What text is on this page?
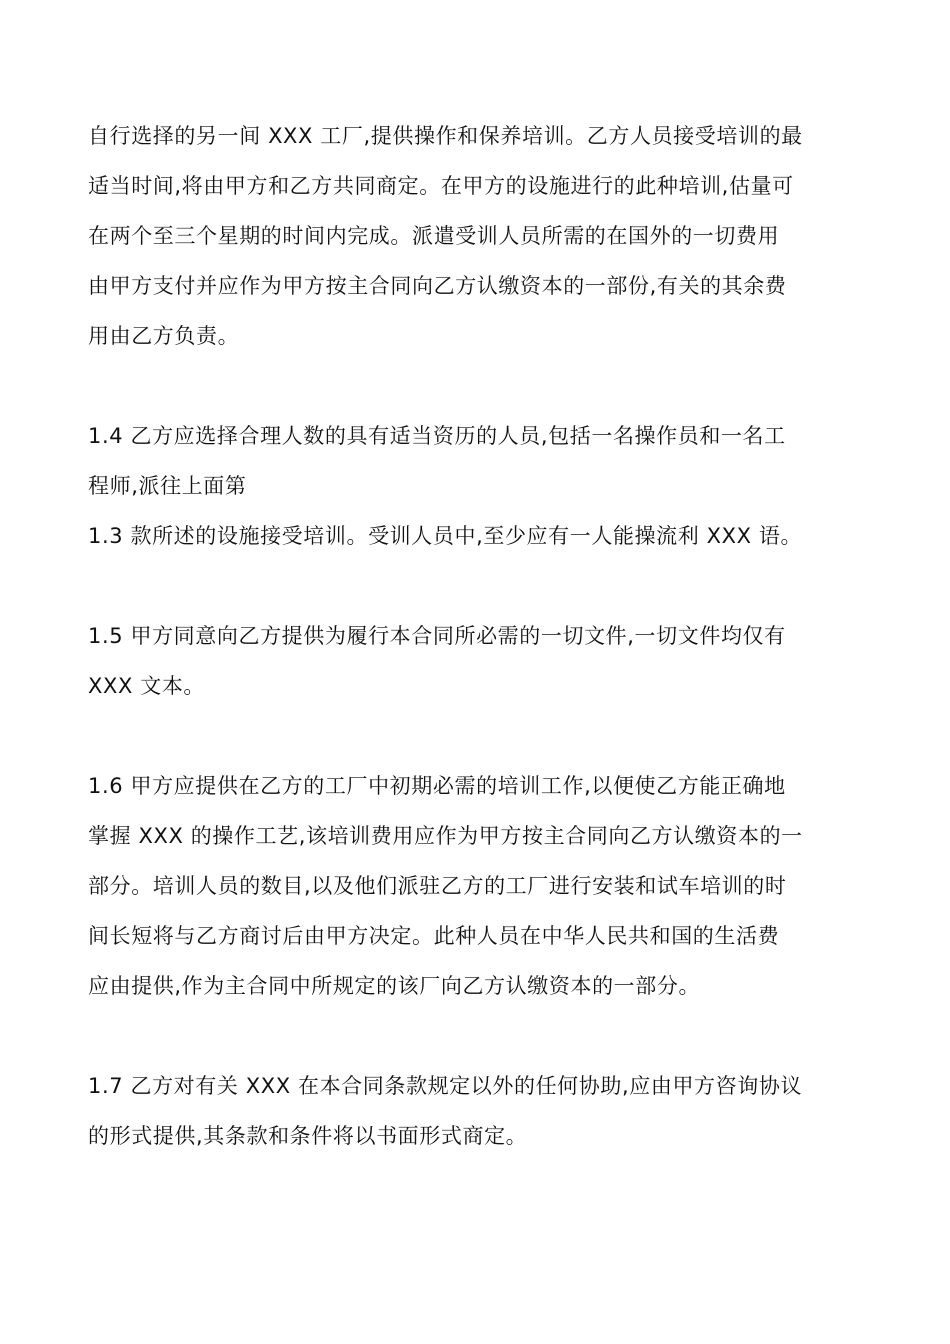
自行选择的另一间 XXX 工厂,提供操作和保养培训。乙方人员接受培训的最
适当时间,将由甲方和乙方共同商定。在甲方的设施进行的此种培训,估量可
在两个至三个星期的时间内完成。派遣受训人员所需的在国外的一切费用
由甲方支付并应作为甲方按主合同向乙方认缴资本的一部份,有关的其余费
用由乙方负责。

1.4 乙方应选择合理人数的具有适当资历的人员,包括一名操作员和一名工
程师,派往上面第
1.3 款所述的设施接受培训。受训人员中,至少应有一人能操流利 XXX 语。

1.5 甲方同意向乙方提供为履行本合同所必需的一切文件,一切文件均仅有
XXX 文本。

1.6 甲方应提供在乙方的工厂中初期必需的培训工作,以便使乙方能正确地
掌握 XXX 的操作工艺,该培训费用应作为甲方按主合同向乙方认缴资本的一
部分。培训人员的数目,以及他们派驻乙方的工厂进行安装和试车培训的时
间长短将与乙方商讨后由甲方决定。此种人员在中华人民共和国的生活费
应由提供,作为主合同中所规定的该厂向乙方认缴资本的一部分。

1.7 乙方对有关 XXX 在本合同条款规定以外的任何协助,应由甲方咨询协议
的形式提供,其条款和条件将以书面形式商定。
